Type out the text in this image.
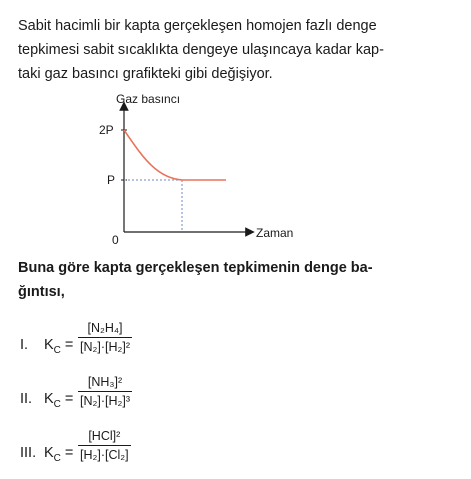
Sabit hacimli bir kapta gerçekleşen homojen fazlı denge
tepkimesi sabit sıcaklıkta dengeye ulaşıncaya kadar kap-
taki gaz basıncı grafikteki gibi değişiyor.
Gaz basıncı
2P
P
0	Zaman
Buna göre kapta gerçekleşen tepkimenin denge ba-
ğıntısı,
I. $K_C$ =
[N₂H₄]
[N₂]·[H₂]²
II. $K_C$ =
[NH₃]²
[N₂]·[H₂]³
III. $K_C$ =
[HCl]²
[H₂]·[Cl₂]
